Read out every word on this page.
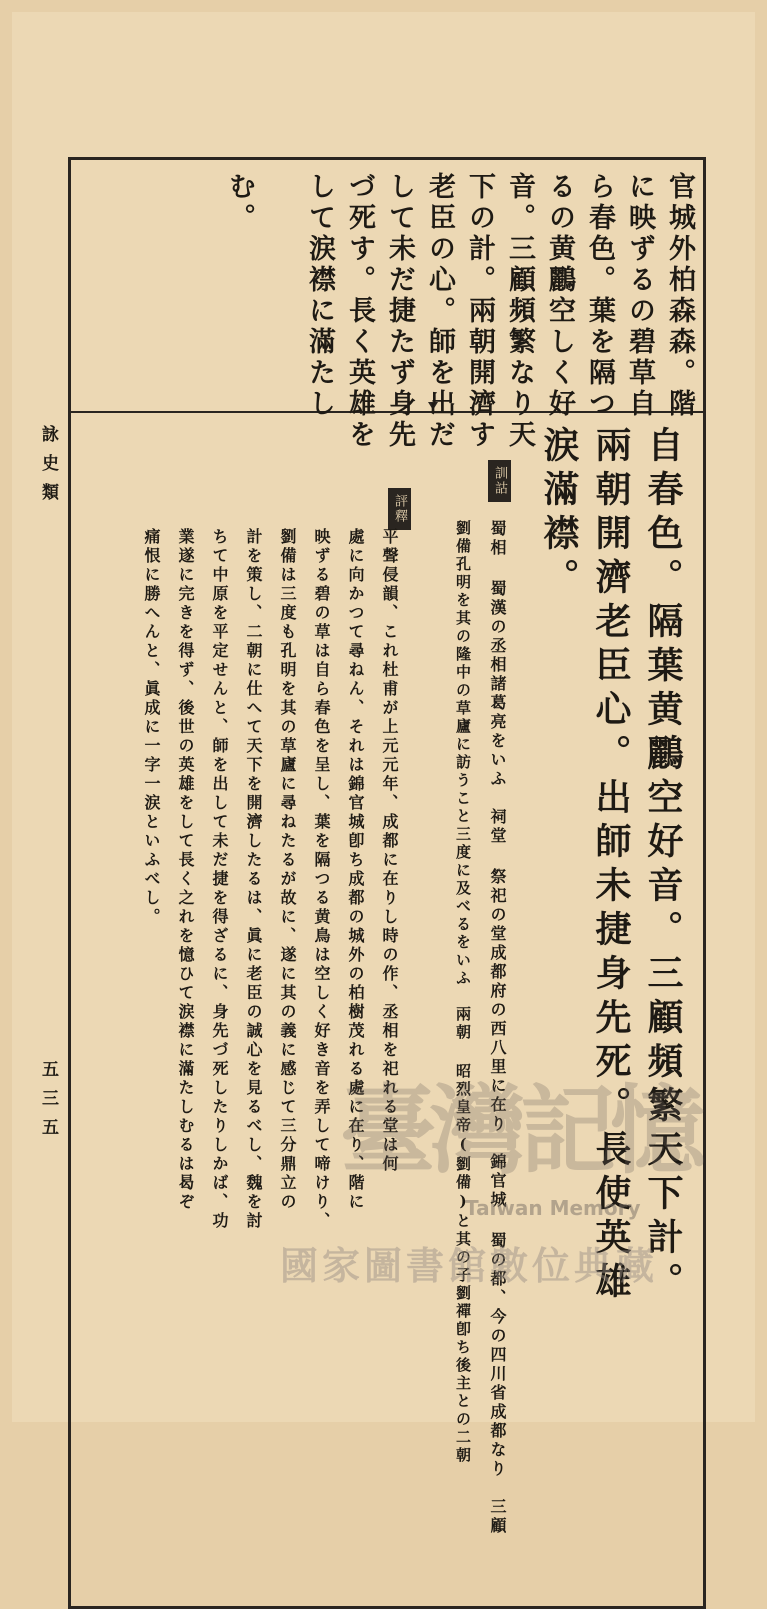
詠史類
五三五
官城外柏森森。階
に映ずるの碧草自
ら春色。葉を隔つ
るの黄鸝空しく好
音。三顧頻繁なり天
下の計。兩朝開濟す
老臣の心。師を出だ
して未だ捷たず身先
づ死す。長く英雄を
して涙襟に滿たし
む。
自春色。隔葉黄鸝空好音。三顧頻繁天下計。
兩朝開濟老臣心。出師未捷身先死。長使英雄
涙滿襟。
訓詁
蜀相 蜀漢の丞相諸葛亮をいふ　祠堂 祭祀の堂成都府の西八里に在り　錦官城 蜀の都、今の四川省成都なり　三顧
劉備孔明を其の隆中の草廬に訪うこと三度に及べるをいふ　兩朝 昭烈皇帝(劉備)と其の子劉禪卽ち後主との二朝
評釋
平聲侵韻、これ杜甫が上元元年、成都に在りし時の作、丞相を祀れる堂は何
處に向かつて尋ねん、それは錦官城卽ち成都の城外の柏樹茂れる處に在り、階に
映ずる碧の草は自ら春色を呈し、葉を隔つる黄鳥は空しく好き音を弄して啼けり、
劉備は三度も孔明を其の草廬に尋ねたるが故に、遂に其の義に感じて三分鼎立の
計を策し、二朝に仕へて天下を開濟したるは、眞に老臣の誠心を見るべし、魏を討
ちて中原を平定せんと、師を出して未だ捷を得ざるに、身先づ死したりしかば、功
業遂に完きを得ず、後世の英雄をして長く之れを憶ひて涙襟に滿たしむるは曷ぞ
痛恨に勝へんと、眞成に一字一涙といふべし。
臺灣記憶
Taiwan Memory
國家圖書館數位典藏
